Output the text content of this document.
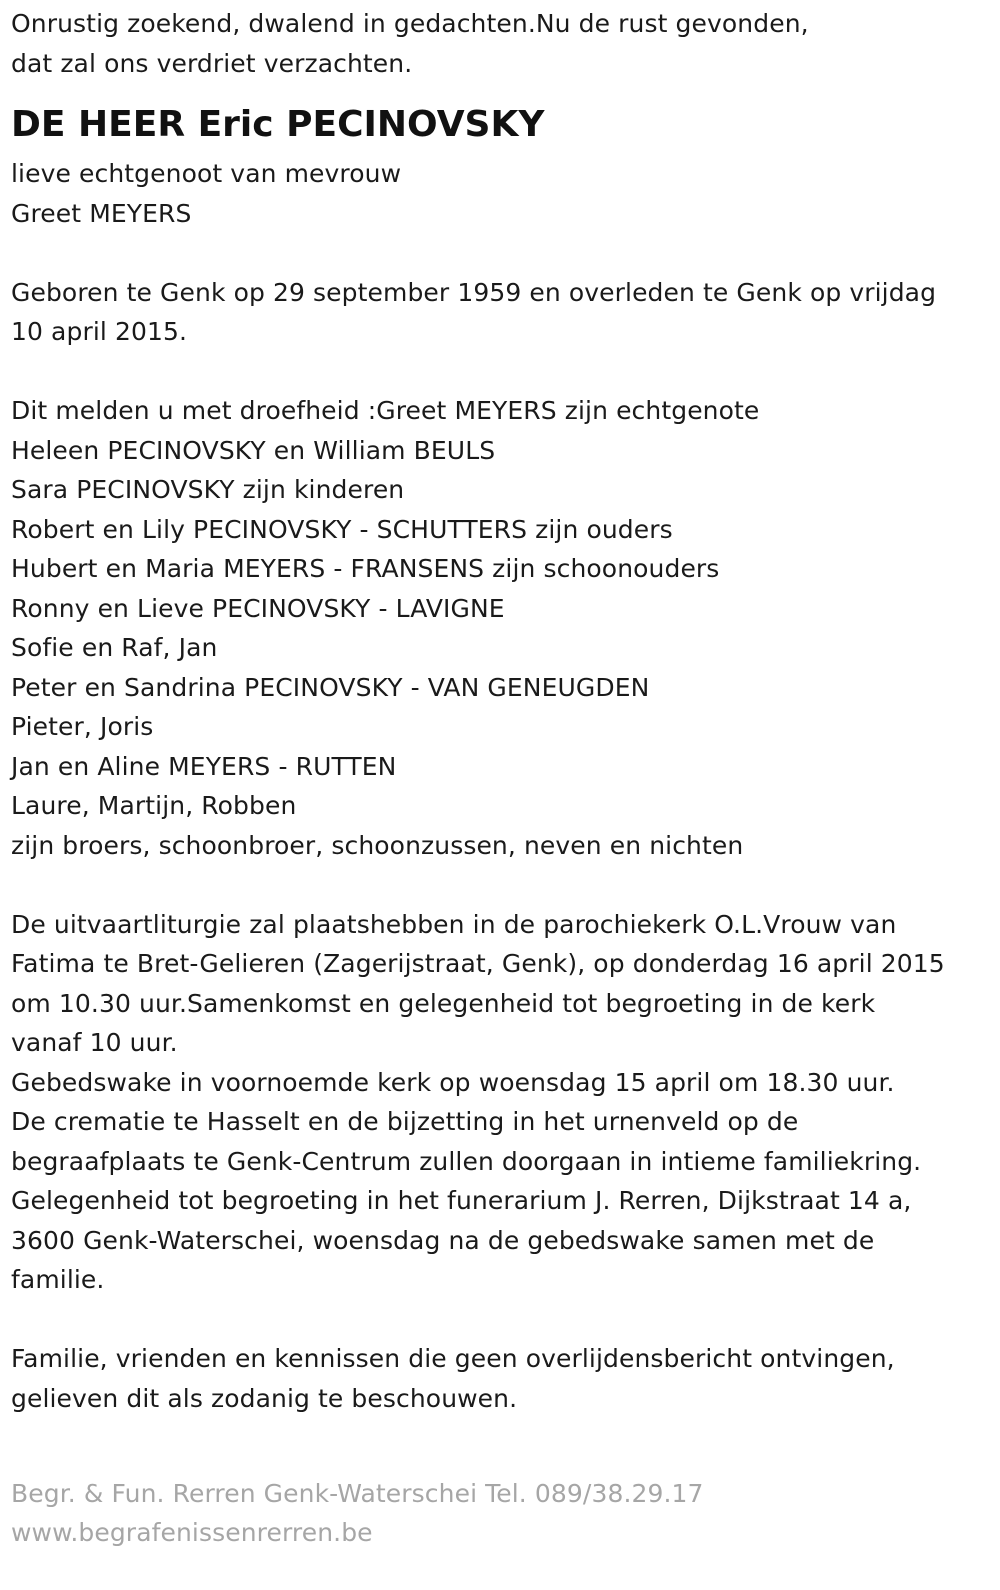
Onrustig zoekend, dwalend in gedachten.Nu de rust gevonden,
dat zal ons verdriet verzachten.
DE HEER Eric PECINOVSKY
lieve echtgenoot van mevrouw
Greet MEYERS
Geboren te Genk op 29 september 1959 en overleden te Genk op vrijdag
10 april 2015.
Dit melden u met droefheid :Greet MEYERS zijn echtgenote
Heleen PECINOVSKY en William BEULS
Sara PECINOVSKY zijn kinderen
Robert en Lily PECINOVSKY - SCHUTTERS zijn ouders
Hubert en Maria MEYERS - FRANSENS zijn schoonouders
Ronny en Lieve PECINOVSKY - LAVIGNE
Sofie en Raf, Jan
Peter en Sandrina PECINOVSKY - VAN GENEUGDEN
Pieter, Joris
Jan en Aline MEYERS - RUTTEN
Laure, Martijn, Robben
zijn broers, schoonbroer, schoonzussen, neven en nichten
De uitvaartliturgie zal plaatshebben in de parochiekerk O.L.Vrouw van
Fatima te Bret-Gelieren (Zagerijstraat, Genk), op donderdag 16 april 2015
om 10.30 uur.Samenkomst en gelegenheid tot begroeting in de kerk
vanaf 10 uur.
Gebedswake in voornoemde kerk op woensdag 15 april om 18.30 uur.
De crematie te Hasselt en de bijzetting in het urnenveld op de
begraafplaats te Genk-Centrum zullen doorgaan in intieme familiekring.
Gelegenheid tot begroeting in het funerarium J. Rerren, Dijkstraat 14 a,
3600 Genk-Waterschei, woensdag na de gebedswake samen met de
familie.
Familie, vrienden en kennissen die geen overlijdensbericht ontvingen,
gelieven dit als zodanig te beschouwen.
Begr. & Fun. Rerren Genk-Waterschei Tel. 089/38.29.17
www.begrafenissenrerren.be
